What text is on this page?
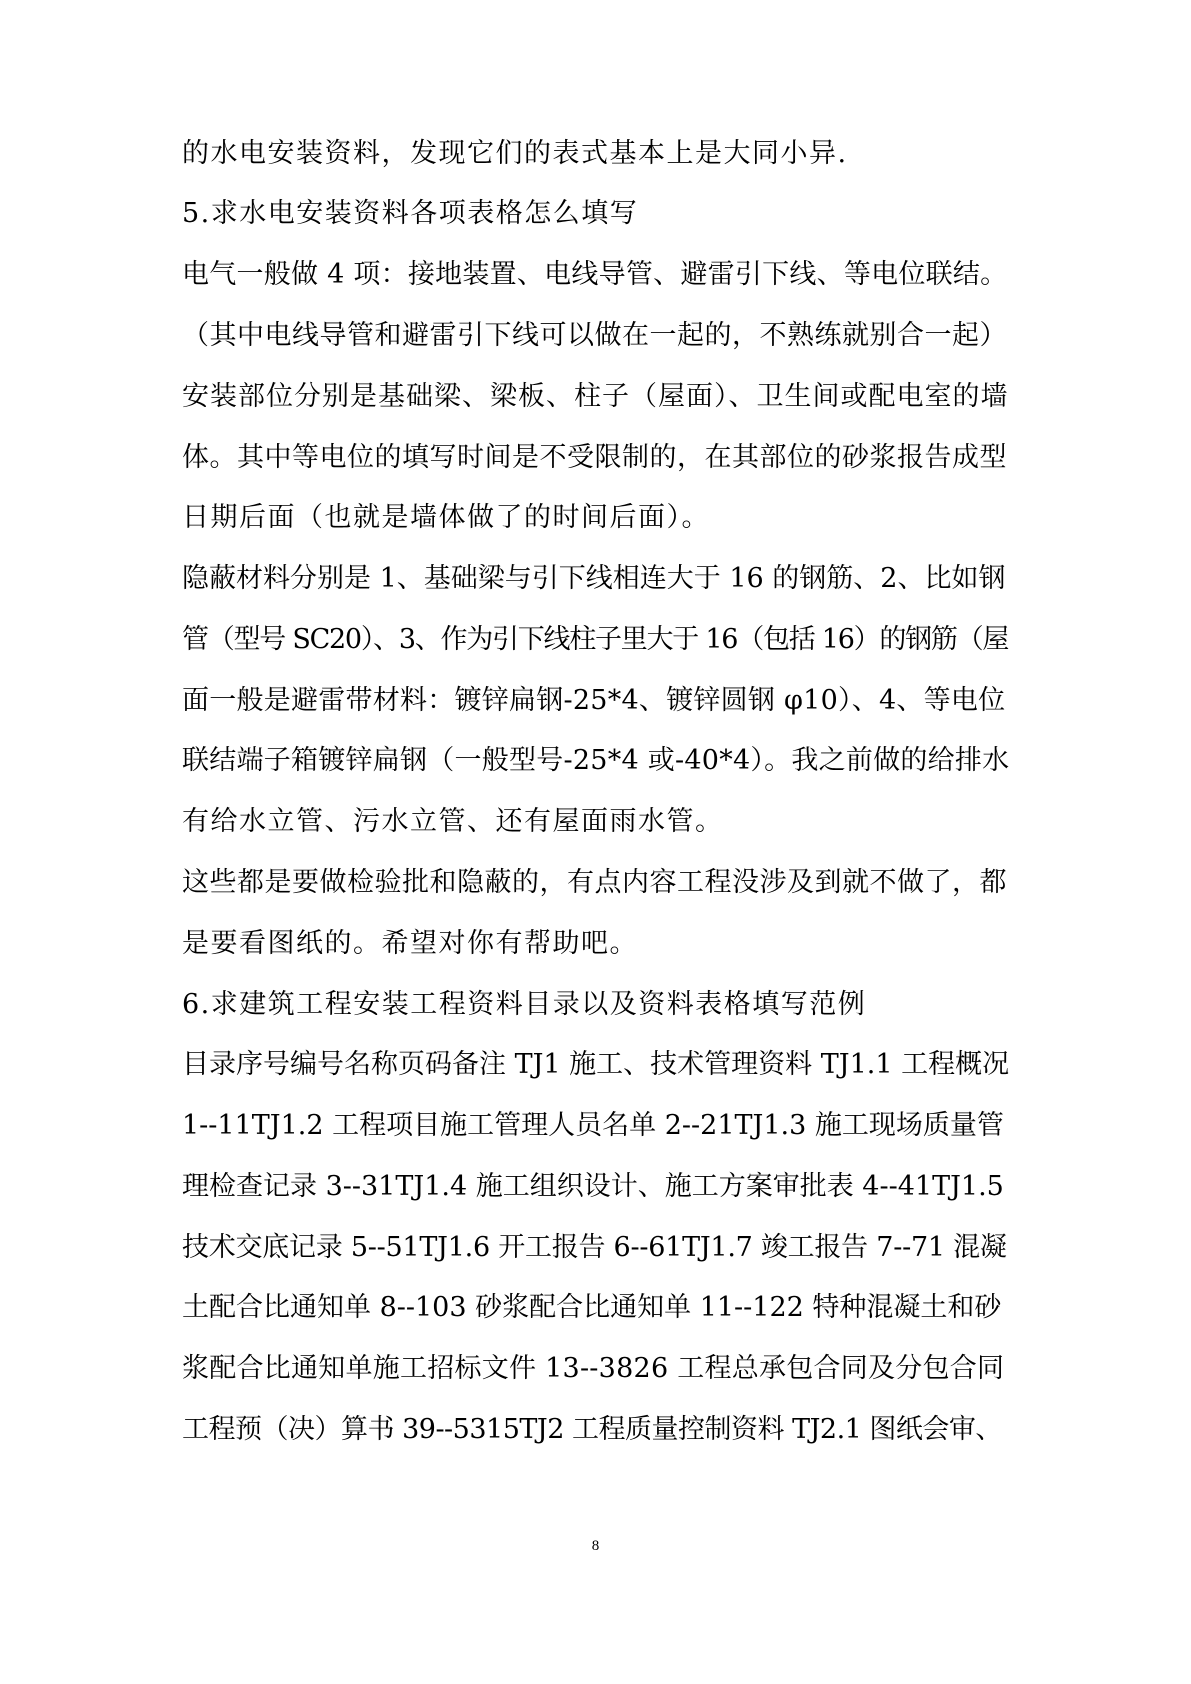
的水电安装资料，发现它们的表式基本上是大同小异.
5.求水电安装资料各项表格怎么填写
电气一般做 4 项：接地装置、电线导管、避雷引下线、等电位联结。
（其中电线导管和避雷引下线可以做在一起的，不熟练就别合一起）
安装部位分别是基础梁、梁板、柱子（屋面）、卫生间或配电室的墙
体。其中等电位的填写时间是不受限制的，在其部位的砂浆报告成型
日期后面（也就是墙体做了的时间后面）。
隐蔽材料分别是 1、基础梁与引下线相连大于 16 的钢筋、2、比如钢
管（型号 SC20）、3、作为引下线柱子里大于 16（包括 16）的钢筋（屋
面一般是避雷带材料：镀锌扁钢-25*4、镀锌圆钢 φ10）、4、等电位
联结端子箱镀锌扁钢（一般型号-25*4 或-40*4）。我之前做的给排水
有给水立管、污水立管、还有屋面雨水管。
这些都是要做检验批和隐蔽的，有点内容工程没涉及到就不做了，都
是要看图纸的。希望对你有帮助吧。
6.求建筑工程安装工程资料目录以及资料表格填写范例
目录序号编号名称页码备注 TJ1 施工、技术管理资料 TJ1.1 工程概况
1--11TJ1.2 工程项目施工管理人员名单 2--21TJ1.3 施工现场质量管
理检查记录 3--31TJ1.4 施工组织设计、施工方案审批表 4--41TJ1.5
技术交底记录 5--51TJ1.6 开工报告 6--61TJ1.7 竣工报告 7--71 混凝
土配合比通知单 8--103 砂浆配合比通知单 11--122 特种混凝土和砂
浆配合比通知单施工招标文件 13--3826 工程总承包合同及分包合同
工程预（决）算书 39--5315TJ2 工程质量控制资料 TJ2.1 图纸会审、
8
